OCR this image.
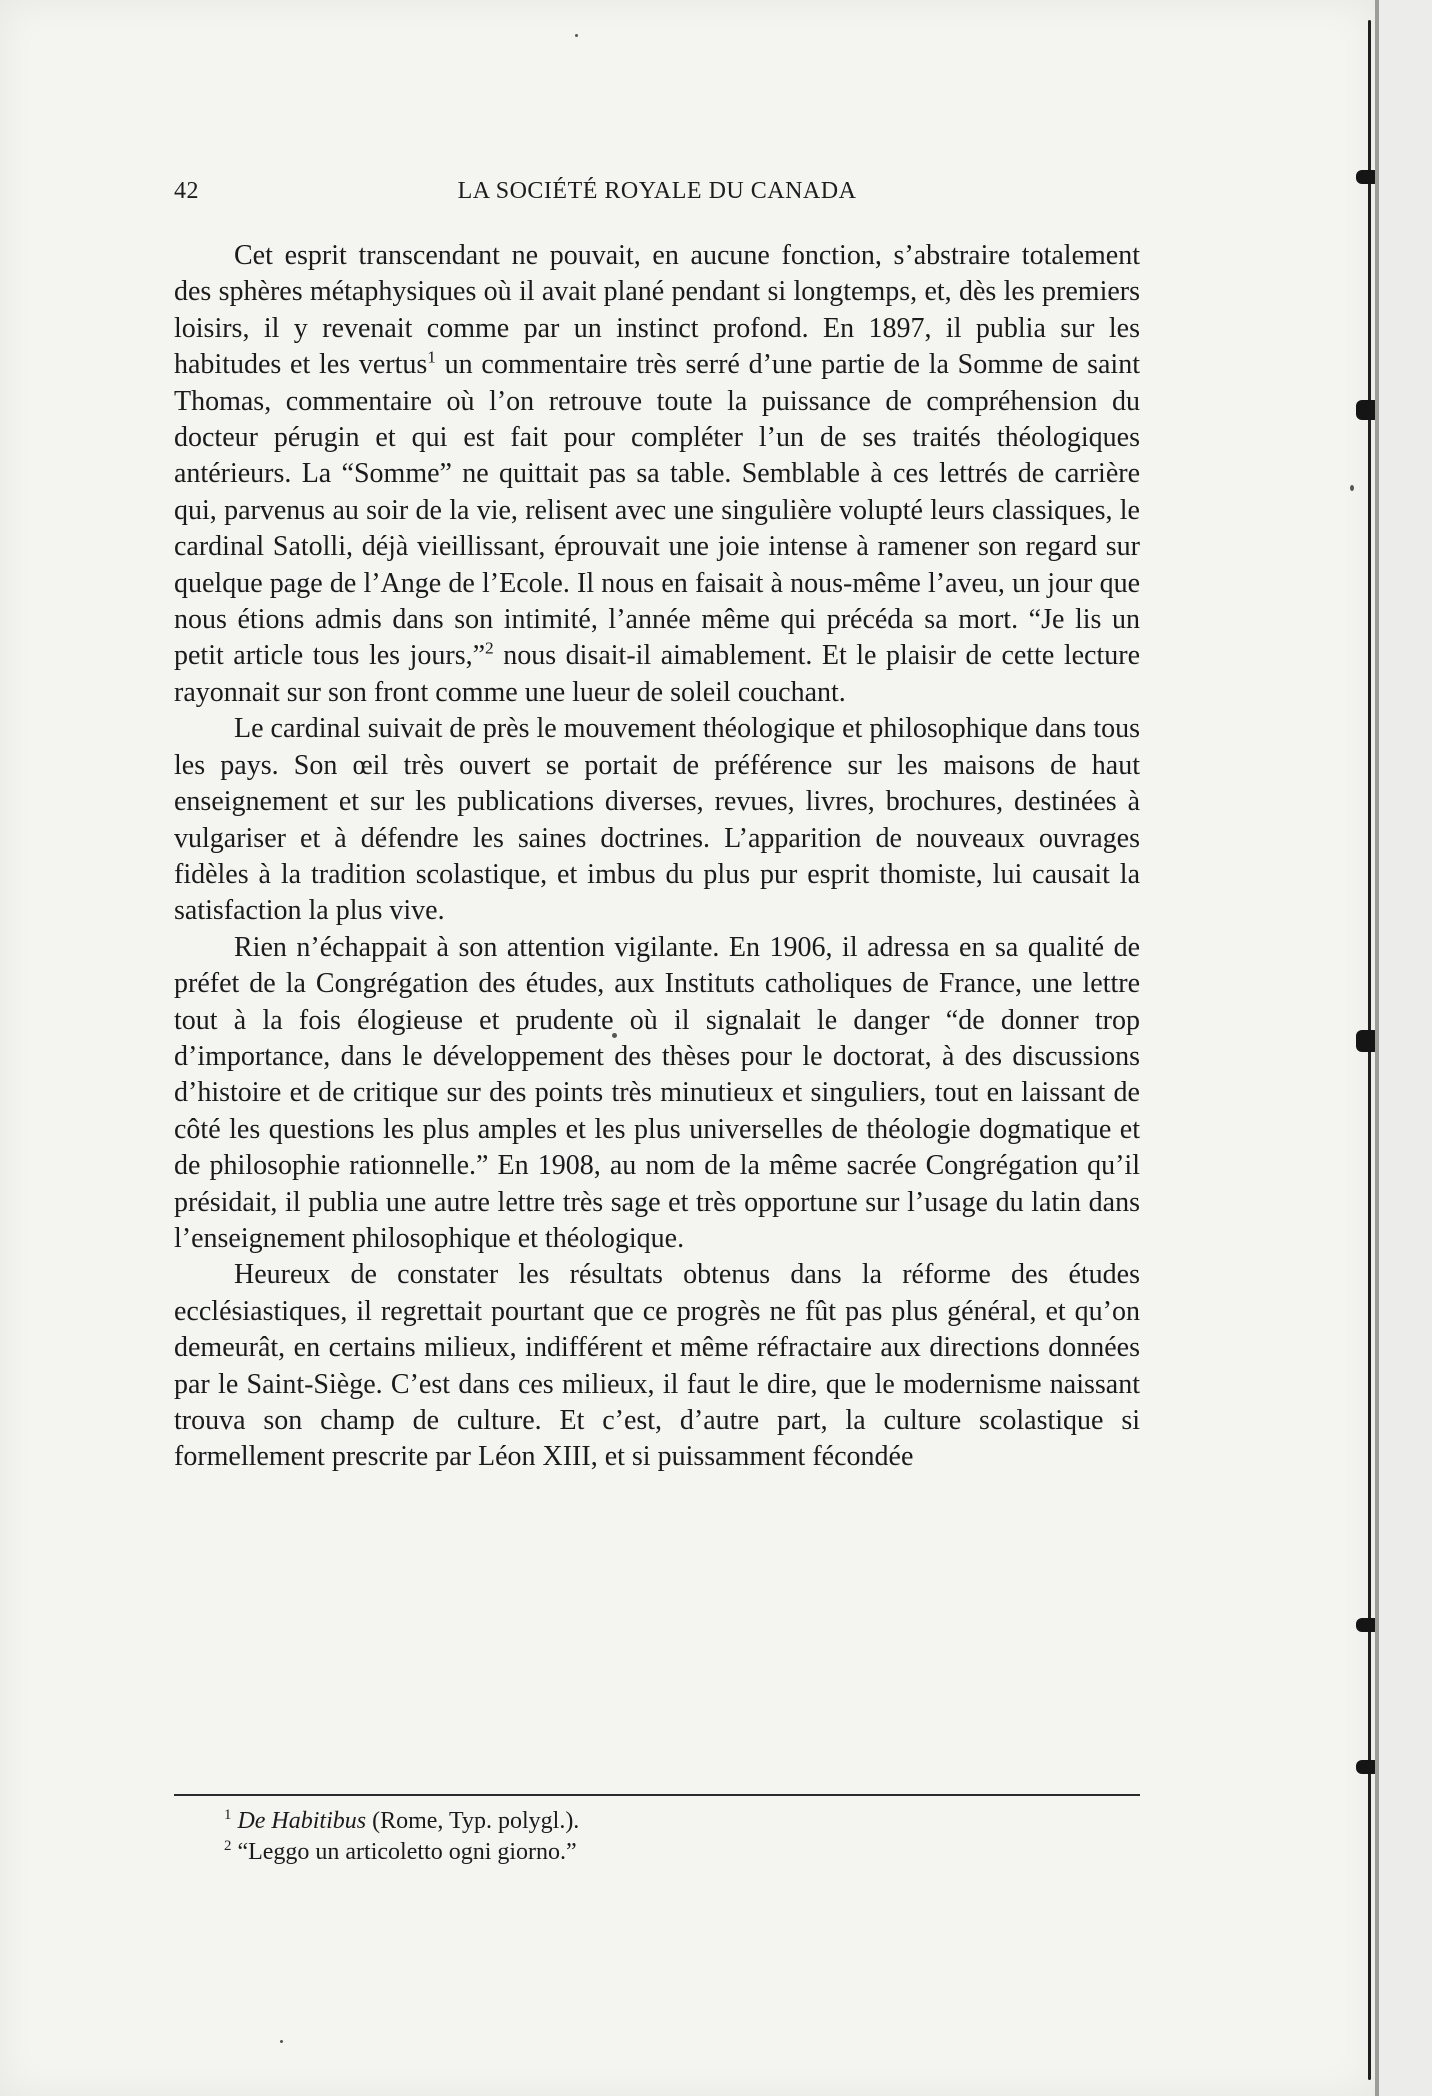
42	LA SOCIÉTÉ ROYALE DU CANADA

Cet esprit transcendant ne pouvait, en aucune fonction, s’abstraire totalement des sphères métaphysiques où il avait plané pendant si longtemps, et, dès les premiers loisirs, il y revenait comme par un instinct profond. En 1897, il publia sur les habitudes et les vertus$^1$ un commentaire très serré d’une partie de la Somme de saint Thomas, commentaire où l’on retrouve toute la puissance de compréhension du docteur pérugin et qui est fait pour compléter l’un de ses traités théologiques antérieurs. La “Somme” ne quittait pas sa table. Semblable à ces lettrés de carrière qui, parvenus au soir de la vie, relisent avec une singulière volupté leurs classiques, le cardinal Satolli, déjà vieillissant, éprouvait une joie intense à ramener son regard sur quelque page de l’Ange de l’Ecole. Il nous en faisait à nous-même l’aveu, un jour que nous étions admis dans son intimité, l’année même qui précéda sa mort. “Je lis un petit article tous les jours,”$^2$ nous disait-il aimablement. Et le plaisir de cette lecture rayonnait sur son front comme une lueur de soleil couchant.

Le cardinal suivait de près le mouvement théologique et philosophique dans tous les pays. Son œil très ouvert se portait de préférence sur les maisons de haut enseignement et sur les publications diverses, revues, livres, brochures, destinées à vulgariser et à défendre les saines doctrines. L’apparition de nouveaux ouvrages fidèles à la tradition scolastique, et imbus du plus pur esprit thomiste, lui causait la satisfaction la plus vive.

Rien n’échappait à son attention vigilante. En 1906, il adressa en sa qualité de préfet de la Congrégation des études, aux Instituts catholiques de France, une lettre tout à la fois élogieuse et prudente où il signalait le danger “de donner trop d’importance, dans le développement des thèses pour le doctorat, à des discussions d’histoire et de critique sur des points très minutieux et singuliers, tout en laissant de côté les questions les plus amples et les plus universelles de théologie dogmatique et de philosophie rationnelle.” En 1908, au nom de la même sacrée Congrégation qu’il présidait, il publia une autre lettre très sage et très opportune sur l’usage du latin dans l’enseignement philosophique et théologique.

Heureux de constater les résultats obtenus dans la réforme des études ecclésiastiques, il regrettait pourtant que ce progrès ne fût pas plus général, et qu’on demeurât, en certains milieux, indifférent et même réfractaire aux directions données par le Saint-Siège. C’est dans ces milieux, il faut le dire, que le modernisme naissant trouva son champ de culture. Et c’est, d’autre part, la culture scolastique si formellement prescrite par Léon XIII, et si puissamment fécondée

$^1$ De Habitibus (Rome, Typ. polygl.).
$^2$ “Leggo un articoletto ogni giorno.”
